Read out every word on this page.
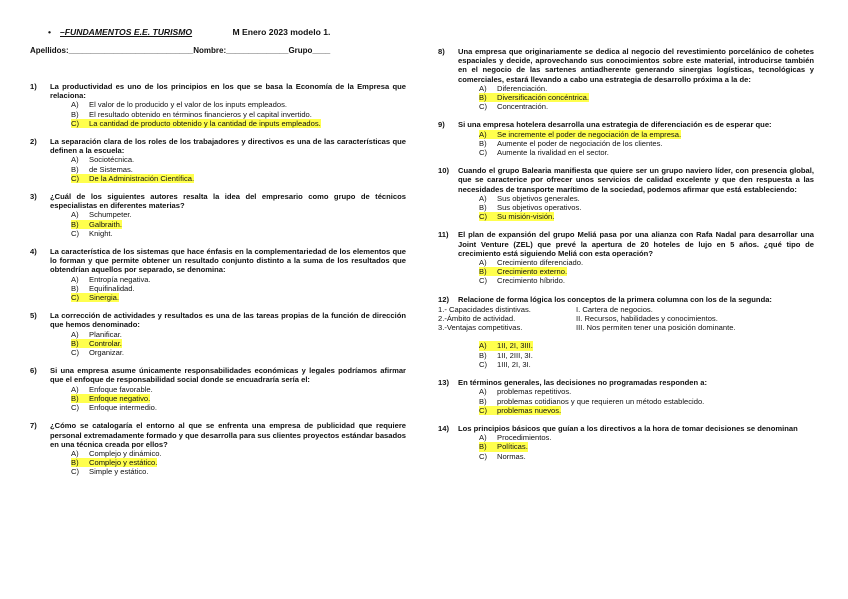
• –FUNDAMENTOS E.E. TURISMO	M Enero 2023 modelo 1.
Apellidos:____________________________Nombre:______________Grupo____
1)	La productividad es uno de los principios en los que se basa la Economía de la Empresa que relaciona:
A)	El valor de lo producido y el valor de los inputs empleados.
B)	El resultado obtenido en términos financieros y el capital invertido.
C)	La cantidad de producto obtenido y la cantidad de inputs empleados.
2)	La separación clara de los roles de los trabajadores y directivos es una de las características que definen a la escuela:
A)	Sociotécnica.
B)	de Sistemas.
C)	De la Administración Científica.
3)	¿Cuál de los siguientes autores resalta la idea del empresario como grupo de técnicos especialistas en diferentes materias?
A)	Schumpeter.
B)	Galbraith.
C)	Knight.
4)	La característica de los sistemas que hace énfasis en la complementariedad de los elementos que lo forman y que permite obtener un resultado conjunto distinto a la suma de los resultados que obtendrían aquellos por separado, se denomina:
A)	Entropía negativa.
B)	Equifinalidad.
C)	Sinergia.
5)	La corrección de actividades y resultados es una de las tareas propias de la función de dirección que hemos denominado:
A)	Planificar.
B)	Controlar.
C)	Organizar.
6)	Si una empresa asume únicamente responsabilidades económicas y legales podríamos afirmar que el enfoque de responsabilidad social donde se encuadraría sería el:
A)	Enfoque favorable.
B)	Enfoque negativo.
C)	Enfoque intermedio.
7)	¿Cómo se catalogaría el entorno al que se enfrenta una empresa de publicidad que requiere personal extremadamente formado y que desarrolla para sus clientes proyectos estándar basados en una técnica creada por ellos?
A)	Complejo y dinámico.
B)	Complejo y estático.
C)	Simple y estático.
8)	Una empresa que originariamente se dedica al negocio del revestimiento porcelánico de cohetes espaciales y decide, aprovechando sus conocimientos sobre este material, introducirse también en el negocio de las sartenes antiadherente generando sinergias logísticas, tecnológicas y comerciales, estará llevando a cabo una estrategia de desarrollo próxima a la de:
A)	Diferenciación.
B)	Diversificación concéntrica.
C)	Concentración.
9)	Si una empresa hotelera desarrolla una estrategia de diferenciación es de esperar que:
A)	Se incremente el poder de negociación de la empresa.
B)	Aumente el poder de negociación de los clientes.
C)	Aumente la rivalidad en el sector.
10)	Cuando el grupo Balearia manifiesta que quiere ser un grupo naviero líder, con presencia global, que se caracterice por ofrecer unos servicios de calidad excelente y que den respuesta a las necesidades de transporte marítimo de la sociedad, podemos afirmar que está estableciendo:
A)	Sus objetivos generales.
B)	Sus objetivos operativos.
C)	Su misión-visión.
11)	El plan de expansión del grupo Meliá pasa por una alianza con Rafa Nadal para desarrollar una Joint Venture (ZEL) que prevé la apertura de 20 hoteles de lujo en 5 años. ¿qué tipo de crecimiento está siguiendo Meliá con esta operación?
A)	Crecimiento diferenciado.
B)	Crecimiento externo.
C)	Crecimiento híbrido.
12)	Relacione de forma lógica los conceptos de la primera columna con los de la segunda:
1.- Capacidades distintivas.	I. Cartera de negocios.
2.-Ámbito de actividad.	II. Recursos, habilidades y conocimientos.
3.-Ventajas competitivas.	III. Nos permiten tener una posición dominante.
A)	1II, 2I, 3III.
B)	1II, 2III, 3I.
C)	1III, 2I, 3I.
13)	En términos generales, las decisiones no programadas responden a:
A)	problemas repetitivos.
B)	problemas cotidianos y que requieren un método establecido.
C)	problemas nuevos.
14)	Los principios básicos que guían a los directivos a la hora de tomar decisiones se denominan
A)	Procedimientos.
B)	Políticas.
C)	Normas.
